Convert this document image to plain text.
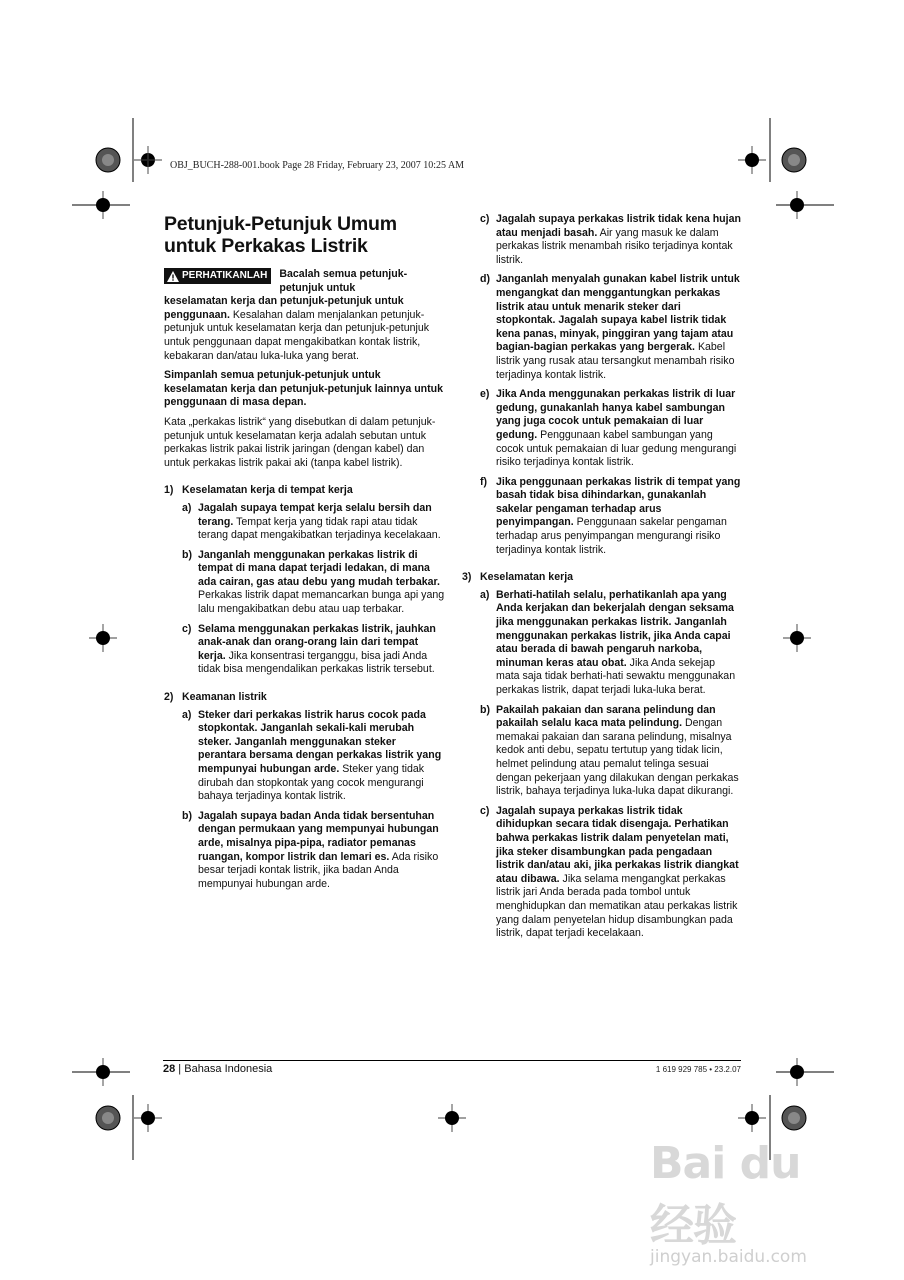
OBJ_BUCH-288-001.book Page 28 Friday, February 23, 2007 10:25 AM
Petunjuk-Petunjuk Umum
untuk Perkakas Listrik
PERHATIKANLAH Bacalah semua petunjuk-petunjuk untuk

keselamatan kerja dan petunjuk-petunjuk untuk penggunaan. Kesalahan dalam menjalankan petunjuk-petunjuk untuk keselamatan kerja dan petunjuk-petunjuk untuk penggunaan dapat mengakibatkan kontak listrik, kebakaran dan/atau luka-luka yang berat.

Simpanlah semua petunjuk-petunjuk untuk keselamatan kerja dan petunjuk-petunjuk lainnya untuk penggunaan di masa depan.

Kata „perkakas listrik“ yang disebutkan di dalam petunjuk-petunjuk untuk keselamatan kerja adalah sebutan untuk perkakas listrik pakai listrik jaringan (dengan kabel) dan untuk perkakas listrik pakai aki (tanpa kabel listrik).

1) Keselamatan kerja di tempat kerja
a) Jagalah supaya tempat kerja selalu bersih dan terang. Tempat kerja yang tidak rapi atau tidak terang dapat mengakibatkan terjadinya kecelakaan.
b) Janganlah menggunakan perkakas listrik di tempat di mana dapat terjadi ledakan, di mana ada cairan, gas atau debu yang mudah terbakar. Perkakas listrik dapat memancarkan bunga api yang lalu mengakibatkan debu atau uap terbakar.
c) Selama menggunakan perkakas listrik, jauhkan anak-anak dan orang-orang lain dari tempat kerja. Jika konsentrasi terganggu, bisa jadi Anda tidak bisa mengendalikan perkakas listrik tersebut.
2) Keamanan listrik
a) Steker dari perkakas listrik harus cocok pada stopkontak. Janganlah sekali-kali merubah steker. Janganlah menggunakan steker perantara bersama dengan perkakas listrik yang mempunyai hubungan arde. Steker yang tidak dirubah dan stopkontak yang cocok mengurangi bahaya terjadinya kontak listrik.
b) Jagalah supaya badan Anda tidak bersentuhan dengan permukaan yang mempunyai hubungan arde, misalnya pipa-pipa, radiator pemanas ruangan, kompor listrik dan lemari es. Ada risiko besar terjadi kontak listrik, jika badan Anda mempunyai hubungan arde.
c) Jagalah supaya perkakas listrik tidak kena hujan atau menjadi basah. Air yang masuk ke dalam perkakas listrik menambah risiko terjadinya kontak listrik.
d) Janganlah menyalah gunakan kabel listrik untuk mengangkat dan menggantungkan perkakas listrik atau untuk menarik steker dari stopkontak. Jagalah supaya kabel listrik tidak kena panas, minyak, pinggiran yang tajam atau bagian-bagian perkakas yang bergerak. Kabel listrik yang rusak atau tersangkut menambah risiko terjadinya kontak listrik.
e) Jika Anda menggunakan perkakas listrik di luar gedung, gunakanlah hanya kabel sambungan yang juga cocok untuk pemakaian di luar gedung. Penggunaan kabel sambungan yang cocok untuk pemakaian di luar gedung mengurangi risiko terjadinya kontak listrik.
f) Jika penggunaan perkakas listrik di tempat yang basah tidak bisa dihindarkan, gunakanlah sakelar pengaman terhadap arus penyimpangan. Penggunaan sakelar pengaman terhadap arus penyimpangan mengurangi risiko terjadinya kontak listrik.
3) Keselamatan kerja
a) Berhati-hatilah selalu, perhatikanlah apa yang Anda kerjakan dan bekerjalah dengan seksama jika menggunakan perkakas listrik. Janganlah menggunakan perkakas listrik, jika Anda capai atau berada di bawah pengaruh narkoba, minuman keras atau obat. Jika Anda sekejap mata saja tidak berhati-hati sewaktu menggunakan perkakas listrik, dapat terjadi luka-luka berat.
b) Pakailah pakaian dan sarana pelindung dan pakailah selalu kaca mata pelindung. Dengan memakai pakaian dan sarana pelindung, misalnya kedok anti debu, sepatu tertutup yang tidak licin, helmet pelindung atau pemalut telinga sesuai dengan pekerjaan yang dilakukan dengan perkakas listrik, bahaya terjadinya luka-luka dapat dikurangi.
c) Jagalah supaya perkakas listrik tidak dihidupkan secara tidak disengaja. Perhatikan bahwa perkakas listrik dalam penyetelan mati, jika steker disambungkan pada pengadaan listrik dan/atau aki, jika perkakas listrik diangkat atau dibawa. Jika selama mengangkat perkakas listrik jari Anda berada pada tombol untuk menghidupkan dan mematikan atau perkakas listrik yang dalam penyetelan hidup disambungkan pada listrik, dapat terjadi kecelakaan.
28 | Bahasa Indonesia	1 619 929 785 • 23.2.07
Bai du 经验
jingyan.baidu.com
